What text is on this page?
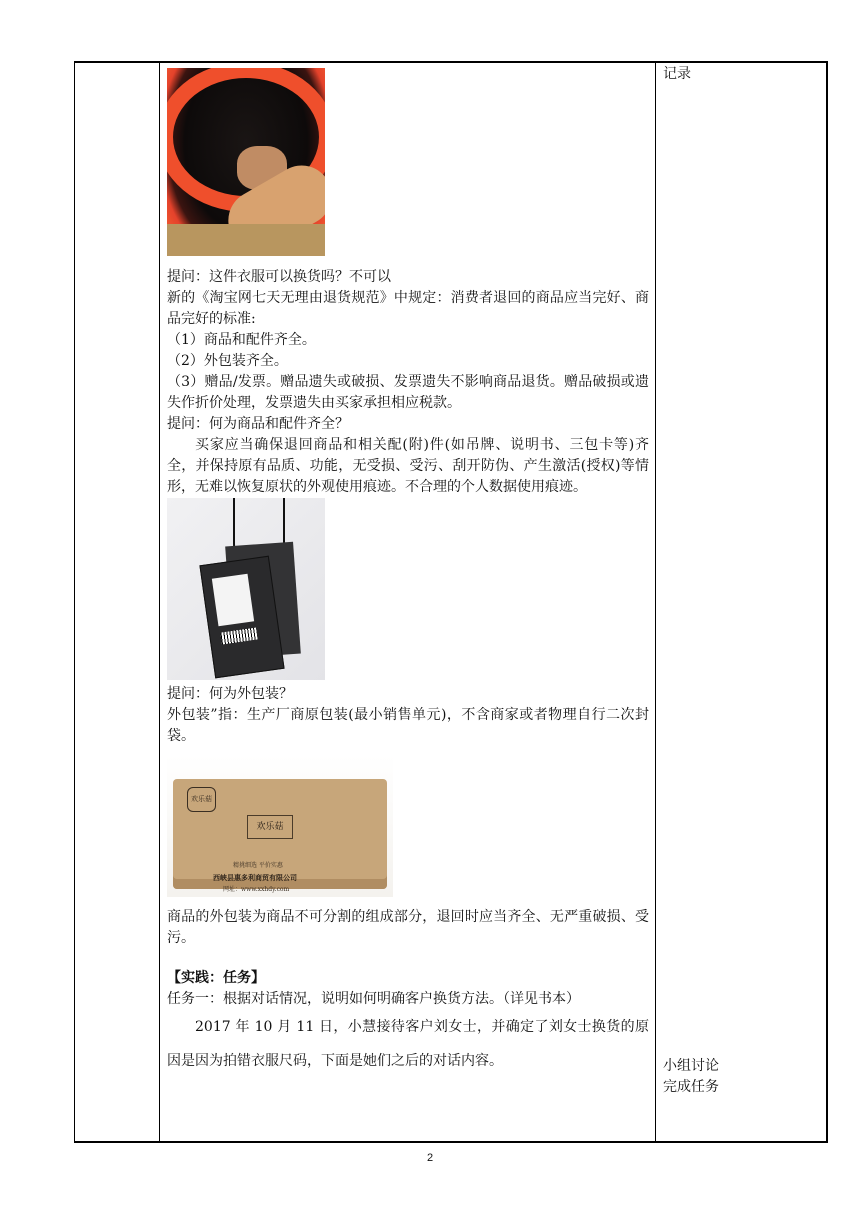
提问：这件衣服可以换货吗？不可以

新的《淘宝网七天无理由退货规范》中规定：消费者退回的商品应当完好、商品完好的标准:

（1）商品和配件齐全。

（2）外包装齐全。

（3）赠品/发票。赠品遗失或破损、发票遗失不影响商品退货。赠品破损或遗失作折价处理，发票遗失由买家承担相应税款。

提问：何为商品和配件齐全？

买家应当确保退回商品和相关配(附)件(如吊牌、说明书、三包卡等)齐全，并保持原有品质、功能，无受损、受污、刮开防伪、产生激活(授权)等情形，无难以恢复原状的外观使用痕迹。不合理的个人数据使用痕迹。

提问：何为外包装？

外包装”指：生产厂商原包装(最小销售单元)，不含商家或者物理自行二次封袋。

欢乐菇
欢乐菇
精挑细选 平价实惠
西峡县惠多利商贸有限公司
网址：www.xxhdy.com

商品的外包装为商品不可分割的组成部分，退回时应当齐全、无严重破损、受污。

【实践：任务】

任务一：根据对话情况，说明如何明确客户换货方法。（详见书本）

2017 年 10 月 11 日，小慧接待客户刘女士，并确定了刘女士换货的原因是因为拍错衣服尺码，下面是她们之后的对话内容。

记录
小组讨论
完成任务
2
